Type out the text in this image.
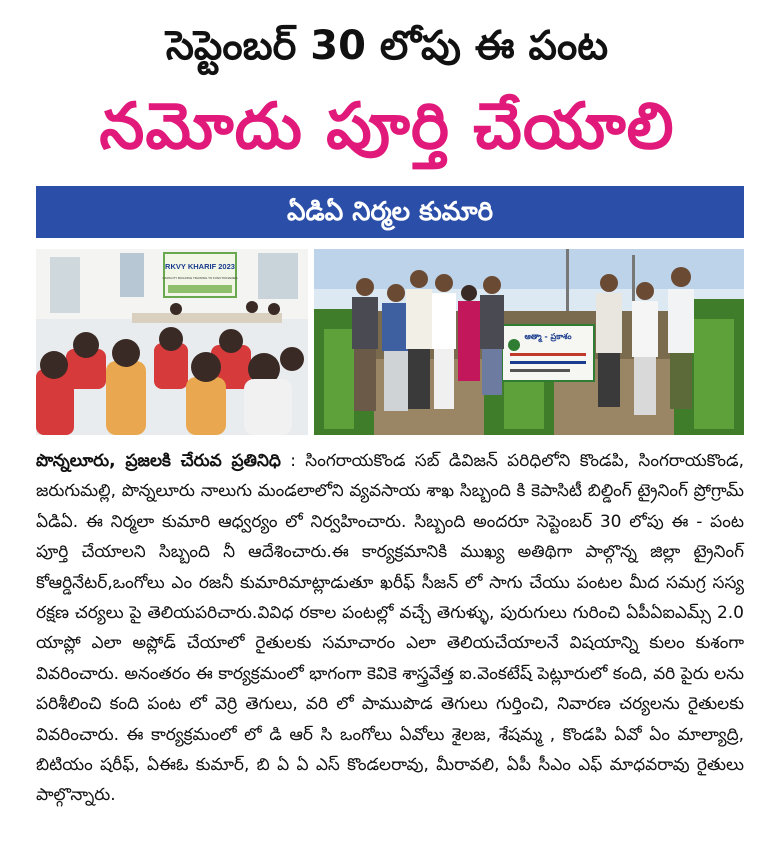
సెప్టెంబర్ 30 లోపు ఈ పంట
నమోదు పూర్తి చేయాలి
ఏడిఏ నిర్మల కుమారి
RKVY KHARIF 2023
CAPACITY BUILDING TRAINING TO FUNCTIONARIES
ఆత్మా - ప్రకాశం

పొన్నలూరు, ప్రజలకి చేరువ ప్రతినిధి : సింగరాయకొండ సబ్ డివిజన్ పరిధిలోని కొండపి, సింగరాయకొండ, జరుగుమల్లి, పొన్నలూరు నాలుగు మండలాలోని వ్యవసాయ శాఖ సిబ్బంది కి కెపాసిటీ బిల్డింగ్ ట్రైనింగ్ ప్రోగ్రామ్ ఏడిఏ. ఈ నిర్మలా కుమారి ఆధ్వర్యం లో నిర్వహించారు. సిబ్బంది అందరూ సెప్టెంబర్ 30 లోపు ఈ - పంట పూర్తి చేయాలని సిబ్బంది నీ ఆదేశించారు.ఈ కార్యక్రమానికి ముఖ్య అతిథిగా పాల్గొన్న జిల్లా ట్రైనింగ్ కోఆర్డినేటర్,ఒంగోలు ఎం రజనీ కుమారిమాట్లాడుతూ ఖరీఫ్ సీజన్ లో సాగు చేయు పంటల మీద సమగ్ర సస్య రక్షణ చర్యలు పై తెలియపరిచారు.వివిధ రకాల పంటల్లో వచ్చే తెగుళ్ళు, పురుగులు గురించి ఏపీఏఐఎమ్స్ 2.0 యాప్లో ఎలా అప్లోడ్ చేయాలో రైతులకు సమాచారం ఎలా తెలియచేయాలనే విషయాన్ని కులం కుశంగా వివరించారు. అనంతరం ఈ కార్యక్రమంలో భాగంగా కెవికె శాస్త్రవేత్త ఐ.వెంకటేష్ పెట్లూరులో కంది, వరి పైరు లను పరిశీలించి కంది పంట లో వెర్రి తెగులు, వరి లో పాముపొడ తెగులు గుర్తించి, నివారణ చర్యలను రైతులకు వివరించారు. ఈ కార్యక్రమంలో లో డి ఆర్ సి ఒంగోలు ఏవోలు శైలజ, శేషమ్మ , కొండపి ఏవో ఏం మాల్యాద్రి, బిటియం షరీఫ్, ఏఈఓ కుమార్, బి ఏ ఏ ఎస్ కొండలరావు, మీరావలి, ఏపీ సీఎం ఎఫ్ మాధవరావు రైతులు పాల్గొన్నారు.
